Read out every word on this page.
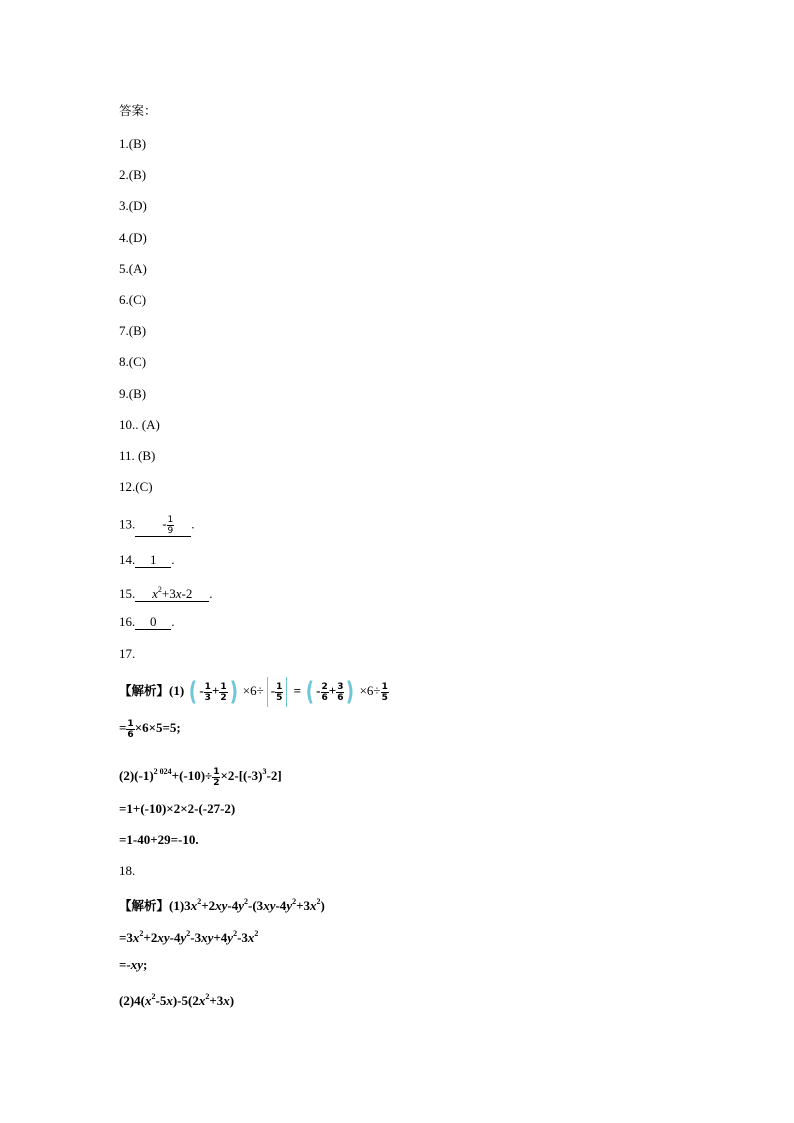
答案：
1.(B)
2.(B)
3.(D)
4.(D)
5.(A)
6.(C)
7.(B)
8.(C)
9.(B)
10.. (A)
11. (B)
12.(C)
13. - $\frac{1}{9}$ .
14. 1 .
15. $x^2+3x-2$ .
16. 0 .
17.
【解析】(1) ( - $\frac{1}{3} + \frac{1}{2}$ ) $\times 6\div - \frac{1}{5}$ = ( - $\frac{2}{6} + \frac{3}{6}$ ) $\times 6\div \frac{1}{5}$
= $\frac{1}{6} \times 6\times 5=5$;
$(2)(-1)^{2 024}+(-10)\div \frac{1}{2} \times 2-[(-3)^3-2]$
=1+(-10)×2×2-(-27-2)
=1-40+29=-10.
18.
【解析】$(1)3x^2+2xy-4y^2-(3xy-4y^2+3x^2)$
$=3x^2+2xy-4y^2-3xy+4y^2-3x^2$
=-xy;
$(2)4(x^2-5x)-5(2x^2+3x)$
